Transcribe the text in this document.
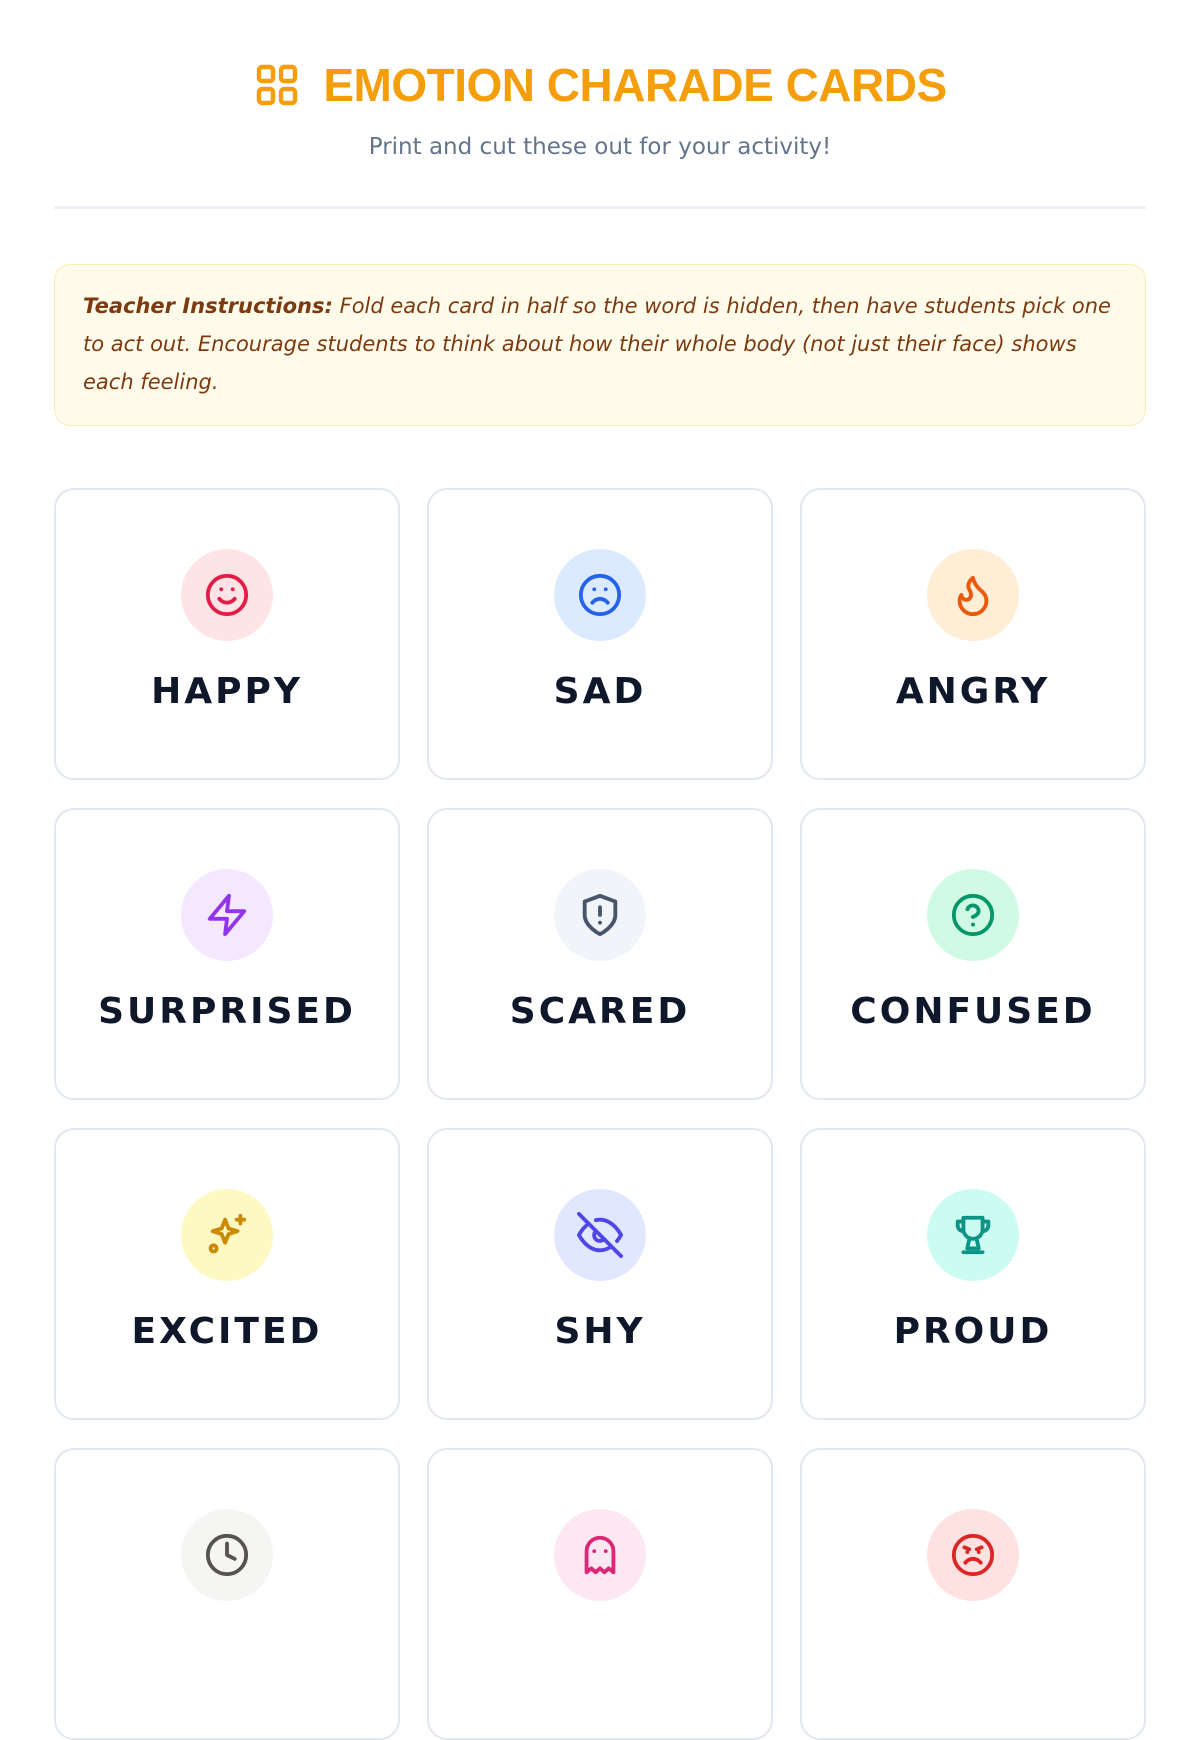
EMOTION CHARADE CARDS
Print and cut these out for your activity!
Teacher Instructions: Fold each card in half so the word is hidden, then have students pick one to act out. Encourage students to think about how their whole body (not just their face) shows each feeling.
HAPPY	SAD	ANGRY
SURPRISED	SCARED	CONFUSED
EXCITED	SHY	PROUD
